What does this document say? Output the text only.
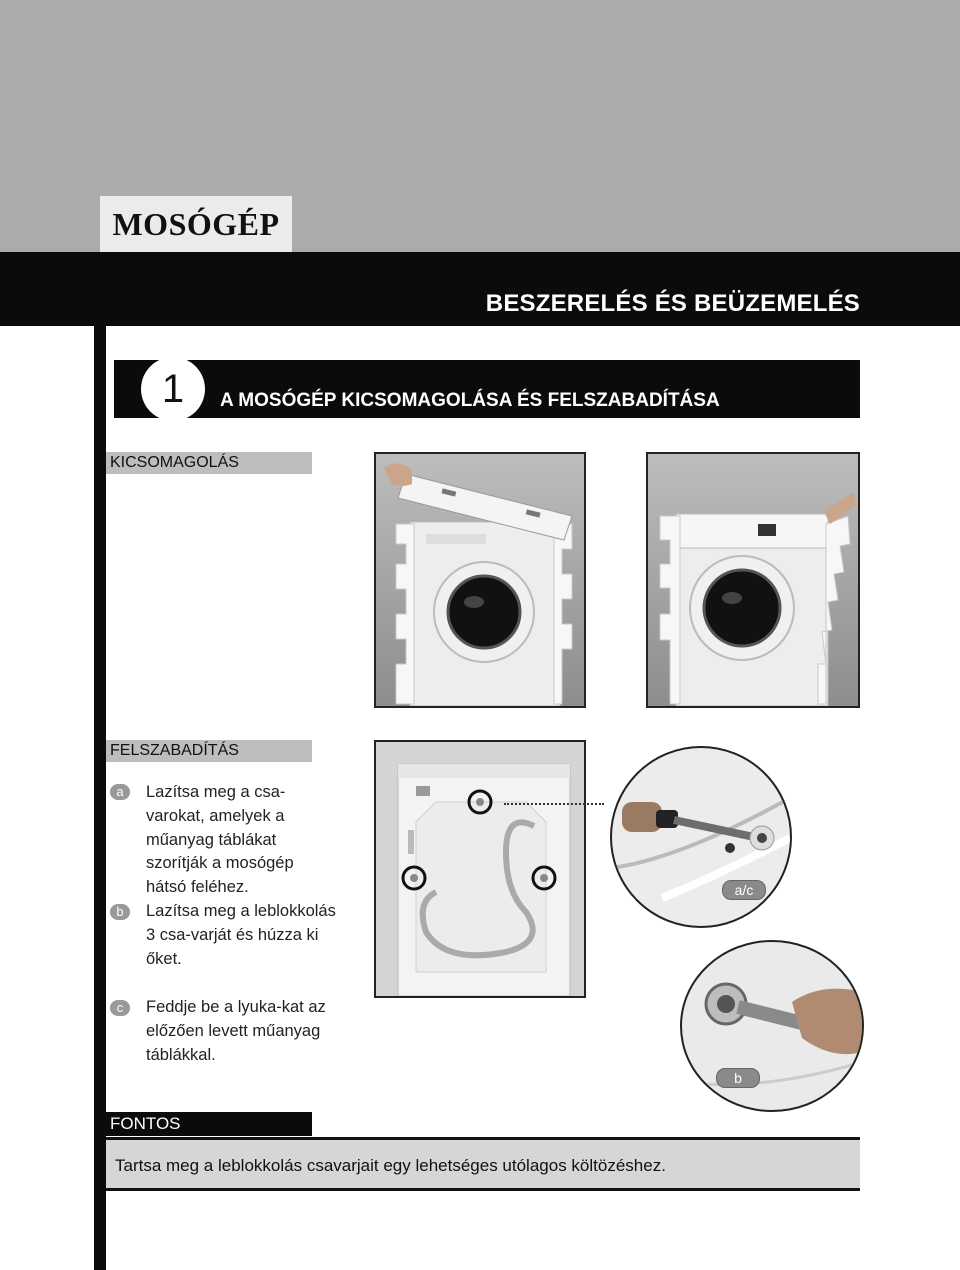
MOSÓGÉP
BESZERELÉS ÉS BEÜZEMELÉS
1	A MOSÓGÉP KICSOMAGOLÁSA ÉS FELSZABADÍTÁSA
KICSOMAGOLÁS
FELSZABADÍTÁS
a	Lazítsa meg a csa-varokat, amelyek a műanyag táblákat szorítják a mosógép hátsó feléhez.

b	Lazítsa meg a leblokkolás 3 csa-varját és húzza ki őket.

c	Feddje be a lyuka-kat az előzően levett műanyag táblákkal.

a/c
b
FONTOS
Tartsa meg a leblokkolás csavarjait egy lehetséges utólagos költözéshez.
